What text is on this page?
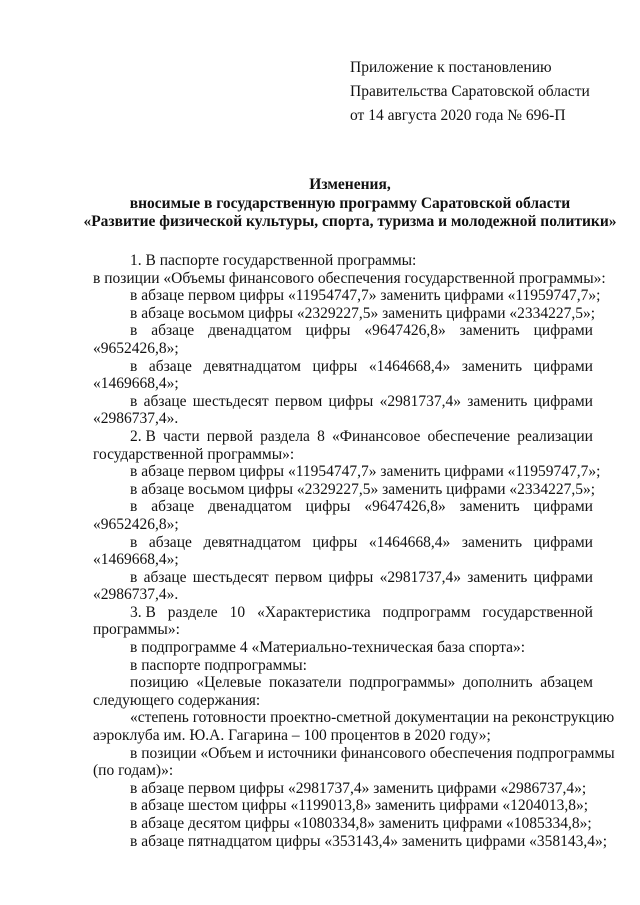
Приложение к постановлению
Правительства Саратовской области
от 14 августа 2020 года № 696-П
Изменения,
вносимые в государственную программу Саратовской области
«Развитие физической культуры, спорта, туризма и молодежной политики»

1. В паспорте государственной программы:

в позиции «Объемы финансового обеспечения государственной программы»:

в абзаце первом цифры «11954747,7» заменить цифрами «11959747,7»;

в абзаце восьмом цифры «2329227,5» заменить цифрами «2334227,5»;

в абзаце двенадцатом цифры «9647426,8» заменить цифрами

«9652426,8»;

в абзаце девятнадцатом цифры «1464668,4» заменить цифрами

«1469668,4»;

в абзаце шестьдесят первом цифры «2981737,4» заменить цифрами

«2986737,4».

2. В части первой раздела 8 «Финансовое обеспечение реализации

государственной программы»:

в абзаце первом цифры «11954747,7» заменить цифрами «11959747,7»;

в абзаце восьмом цифры «2329227,5» заменить цифрами «2334227,5»;

в абзаце двенадцатом цифры «9647426,8» заменить цифрами

«9652426,8»;

в абзаце девятнадцатом цифры «1464668,4» заменить цифрами

«1469668,4»;

в абзаце шестьдесят первом цифры «2981737,4» заменить цифрами

«2986737,4».

3. В разделе 10 «Характеристика подпрограмм государственной

программы»:

в подпрограмме 4 «Материально-техническая база спорта»:

в паспорте подпрограммы:

позицию «Целевые показатели подпрограммы» дополнить абзацем

следующего содержания:

«степень готовности проектно-сметной документации на реконструкцию

аэроклуба им. Ю.А. Гагарина – 100 процентов в 2020 году»;

в позиции «Объем и источники финансового обеспечения подпрограммы

(по годам)»:

в абзаце первом цифры «2981737,4» заменить цифрами «2986737,4»;

в абзаце шестом цифры «1199013,8» заменить цифрами «1204013,8»;

в абзаце десятом цифры «1080334,8» заменить цифрами «1085334,8»;

в абзаце пятнадцатом цифры «353143,4» заменить цифрами «358143,4»;
